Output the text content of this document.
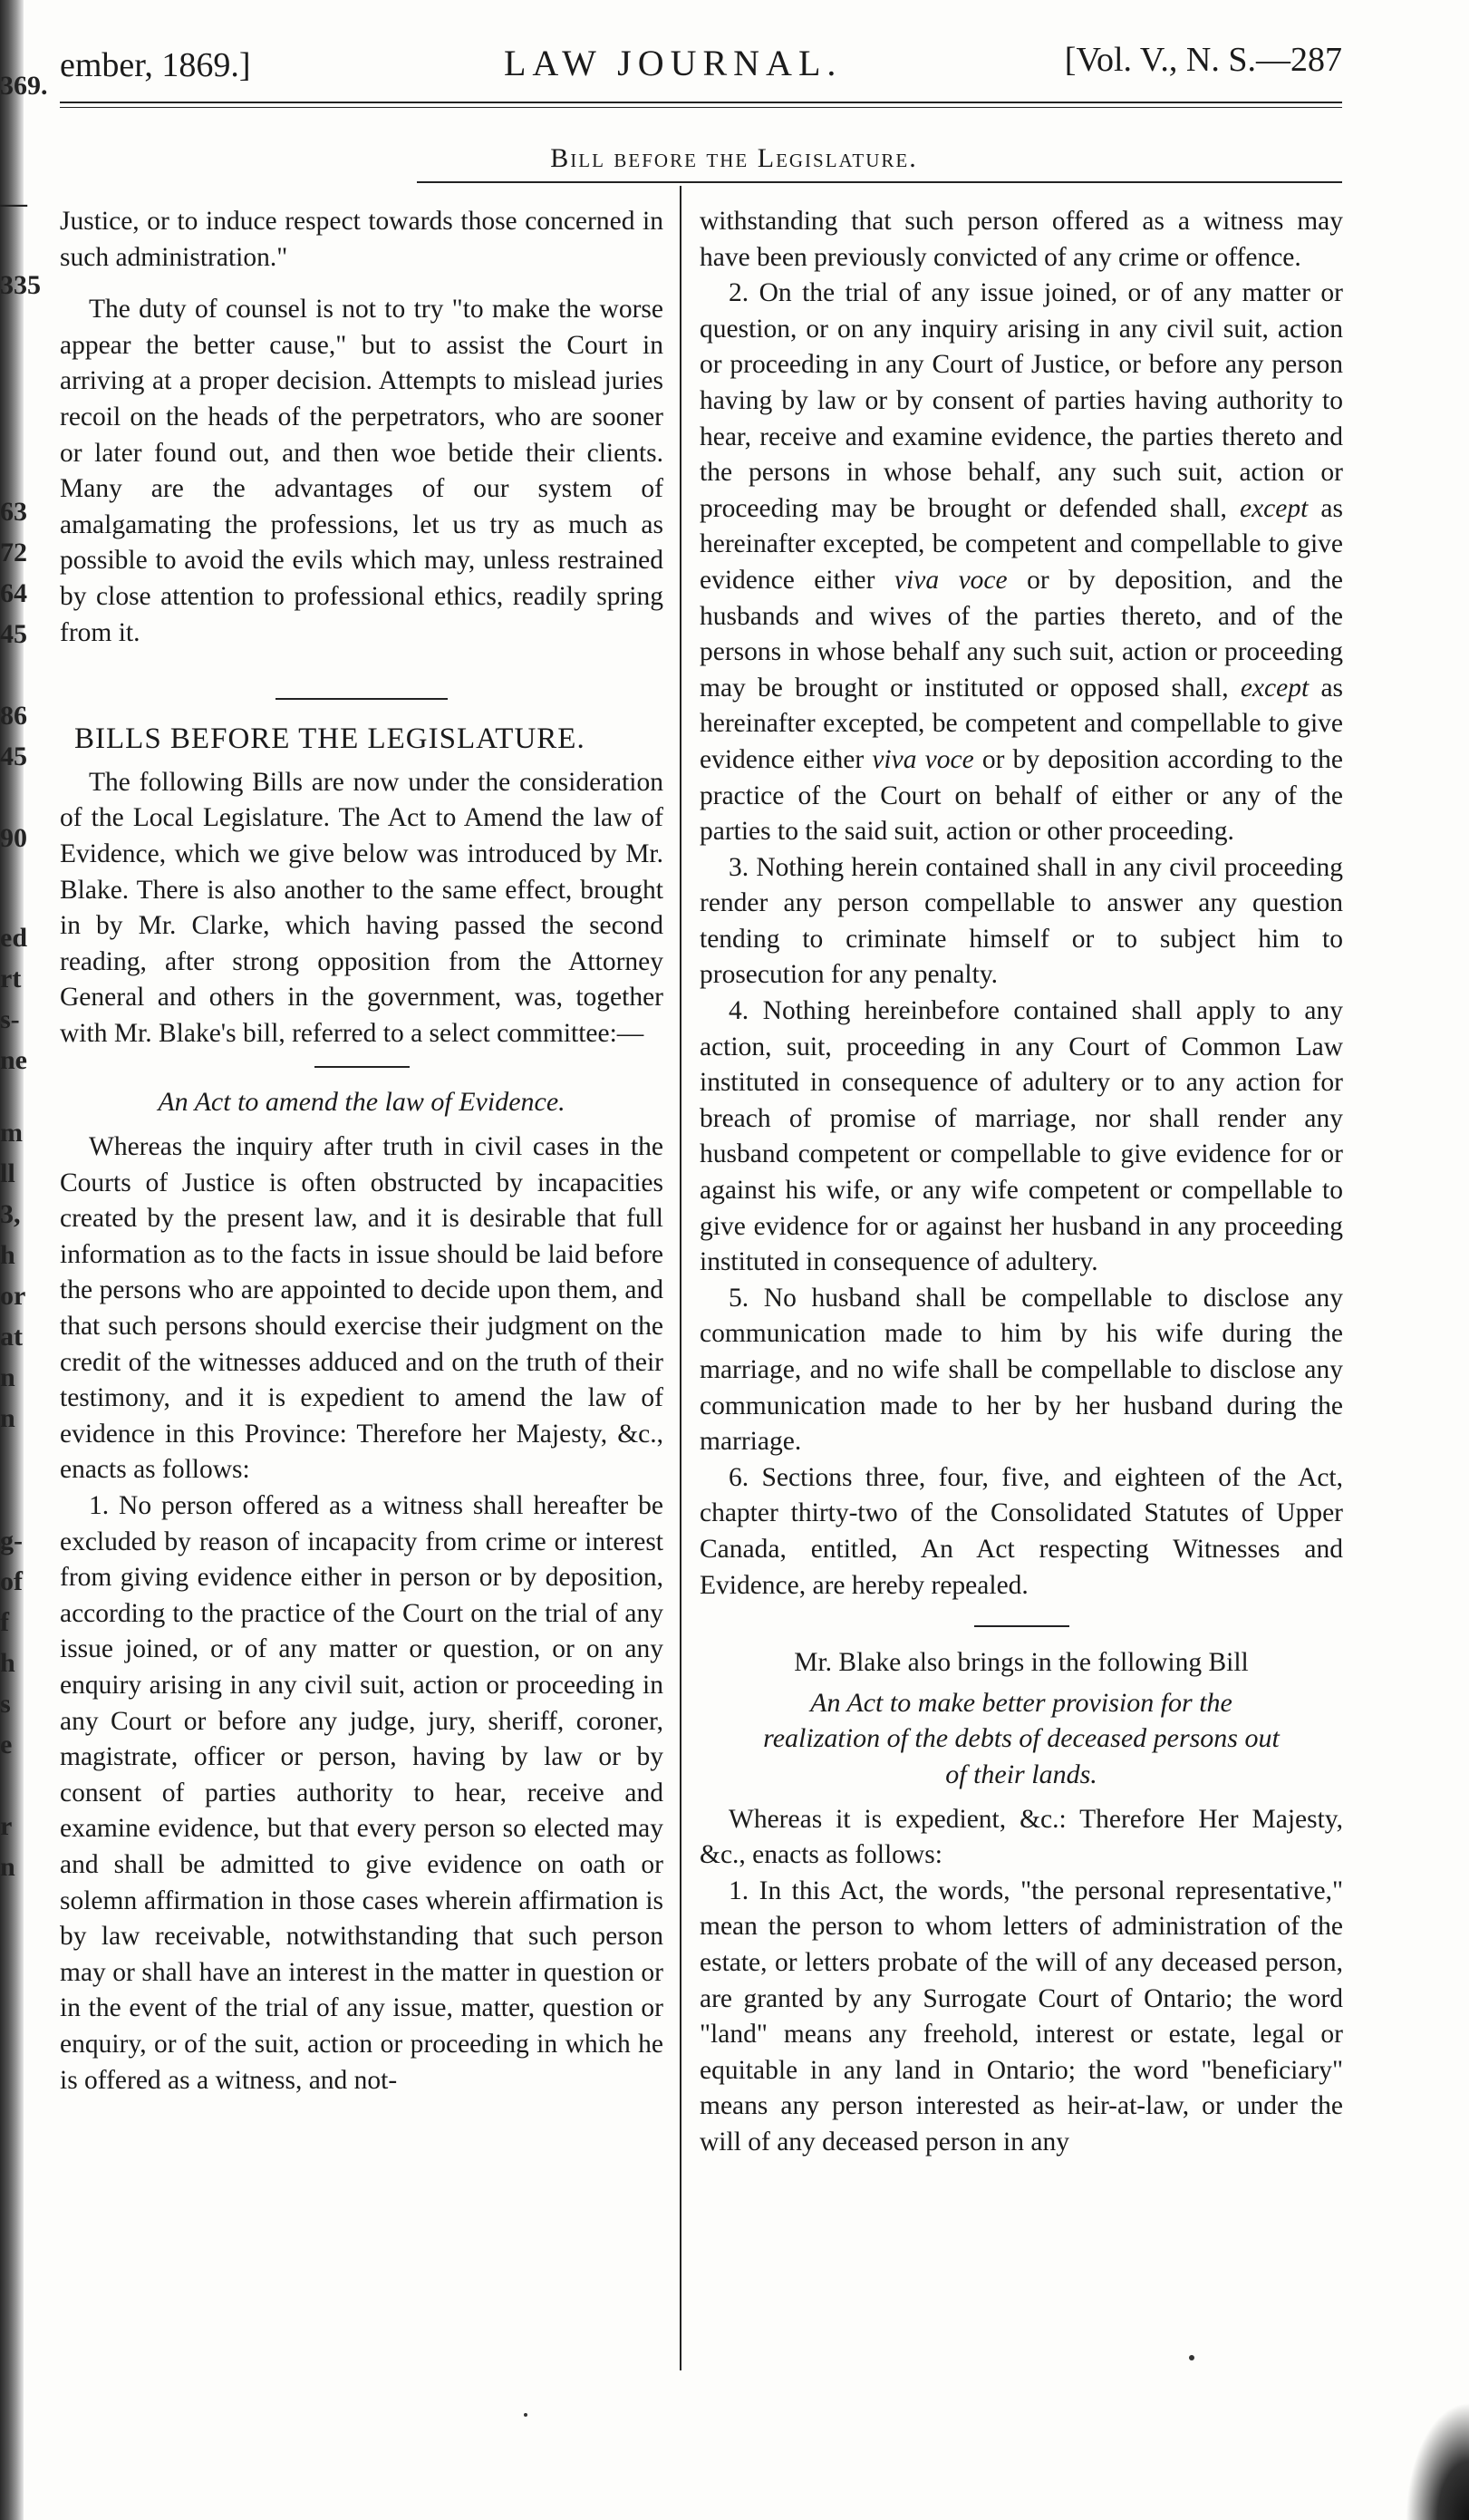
369.
—
335
63
72
64
45
86
45
90
ed
rt
s-
ne
m
ll
3,
h
or
at
n
n
g-
of
f
h
s
e
r
n
ember, 1869.]	LAW JOURNAL.	[Vol. V., N. S.—287
Bill before the Legislature.

Justice, or to induce respect towards those concerned in such administration."

The duty of counsel is not to try "to make the worse appear the better cause," but to assist the Court in arriving at a proper decision. Attempts to mislead juries recoil on the heads of the perpetrators, who are sooner or later found out, and then woe betide their clients. Many are the advantages of our system of amalgamating the professions, let us try as much as possible to avoid the evils which may, unless restrained by close attention to professional ethics, readily spring from it.

BILLS BEFORE THE LEGISLATURE.

The following Bills are now under the consideration of the Local Legislature. The Act to Amend the law of Evidence, which we give below was introduced by Mr. Blake. There is also another to the same effect, brought in by Mr. Clarke, which having passed the second reading, after strong opposition from the Attorney General and others in the government, was, together with Mr. Blake's bill, referred to a select committee:—

An Act to amend the law of Evidence.

Whereas the inquiry after truth in civil cases in the Courts of Justice is often obstructed by incapacities created by the present law, and it is desirable that full information as to the facts in issue should be laid before the persons who are appointed to decide upon them, and that such persons should exercise their judgment on the credit of the witnesses adduced and on the truth of their testimony, and it is expedient to amend the law of evidence in this Province: Therefore her Majesty, &c., enacts as follows:

1. No person offered as a witness shall hereafter be excluded by reason of incapacity from crime or interest from giving evidence either in person or by deposition, according to the practice of the Court on the trial of any issue joined, or of any matter or question, or on any enquiry arising in any civil suit, action or proceeding in any Court or before any judge, jury, sheriff, coroner, magistrate, officer or person, having by law or by consent of parties authority to hear, receive and examine evidence, but that every person so elected may and shall be admitted to give evidence on oath or solemn affirmation in those cases wherein affirmation is by law receivable, notwithstanding that such person may or shall have an interest in the matter in question or in the event of the trial of any issue, matter, question or enquiry, or of the suit, action or proceeding in which he is offered as a witness, and not-

withstanding that such person offered as a witness may have been previously convicted of any crime or offence.

2. On the trial of any issue joined, or of any matter or question, or on any inquiry arising in any civil suit, action or proceeding in any Court of Justice, or before any person having by law or by consent of parties having authority to hear, receive and examine evidence, the parties thereto and the persons in whose behalf, any such suit, action or proceeding may be brought or defended shall, except as hereinafter excepted, be competent and compellable to give evidence either viva voce or by deposition, and the husbands and wives of the parties thereto, and of the persons in whose behalf any such suit, action or proceeding may be brought or instituted or opposed shall, except as hereinafter excepted, be competent and compellable to give evidence either viva voce or by deposition according to the practice of the Court on behalf of either or any of the parties to the said suit, action or other proceeding.

3. Nothing herein contained shall in any civil proceeding render any person compellable to answer any question tending to criminate himself or to subject him to prosecution for any penalty.

4. Nothing hereinbefore contained shall apply to any action, suit, proceeding in any Court of Common Law instituted in consequence of adultery or to any action for breach of promise of marriage, nor shall render any husband competent or compellable to give evidence for or against his wife, or any wife competent or compellable to give evidence for or against her husband in any proceeding instituted in consequence of adultery.

5. No husband shall be compellable to disclose any communication made to him by his wife during the marriage, and no wife shall be compellable to disclose any communication made to her by her husband during the marriage.

6. Sections three, four, five, and eighteen of the Act, chapter thirty-two of the Consolidated Statutes of Upper Canada, entitled, An Act respecting Witnesses and Evidence, are hereby repealed.

Mr. Blake also brings in the following Bill

An Act to make better provision for the realization of the debts of deceased persons out of their lands.

Whereas it is expedient, &c.: Therefore Her Majesty, &c., enacts as follows:

1. In this Act, the words, "the personal representative," mean the person to whom letters of administration of the estate, or letters probate of the will of any deceased person, are granted by any Surrogate Court of Ontario; the word "land" means any freehold, interest or estate, legal or equitable in any land in Ontario; the word "beneficiary" means any person interested as heir-at-law, or under the will of any deceased person in any
